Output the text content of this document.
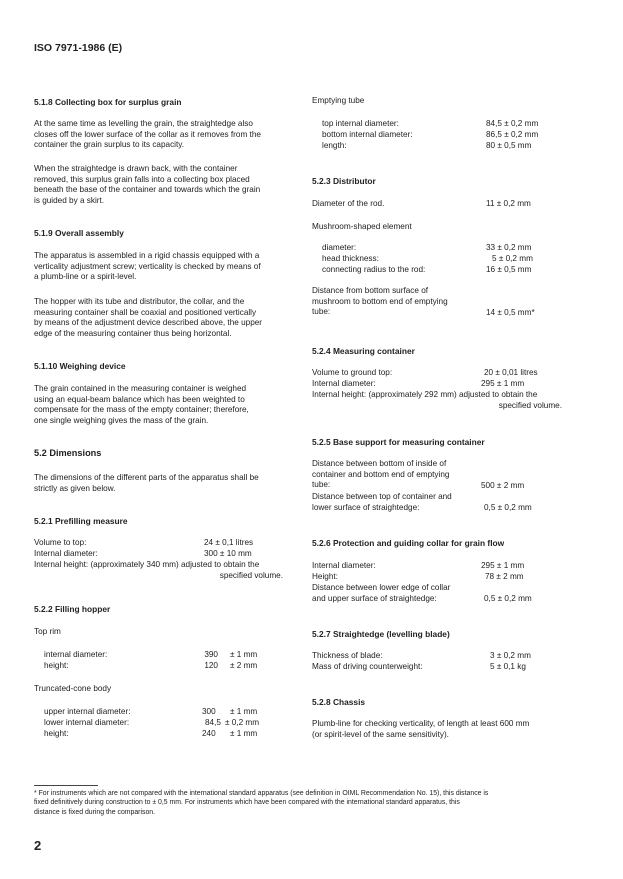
ISO 7971-1986 (E)
5.1.8 Collecting box for surplus grain
At the same time as levelling the grain, the straightedge also
closes off the lower surface of the collar as it removes from the
container the grain surplus to its capacity.
When the straightedge is drawn back, with the container
removed, this surplus grain falls into a collecting box placed
beneath the base of the container and towards which the grain
is guided by a skirt.
5.1.9 Overall assembly
The apparatus is assembled in a rigid chassis equipped with a
verticality adjustment screw; verticality is checked by means of
a plumb-line or a spirit-level.
The hopper with its tube and distributor, the collar, and the
measuring container shall be coaxial and positioned vertically
by means of the adjustment device described above, the upper
edge of the measuring container thus being horizontal.
5.1.10 Weighing device
The grain contained in the measuring container is weighed
using an equal-beam balance which has been weighted to
compensate for the mass of the empty container; therefore,
one single weighing gives the mass of the grain.
5.2 Dimensions
The dimensions of the different parts of the apparatus shall be
strictly as given below.
5.2.1 Prefilling measure
Volume to top:	24 ± 0,1 litres
Internal diameter:	300 ± 10 mm
Internal height: (approximately 340 mm) adjusted to obtain the
specified volume.
5.2.2 Filling hopper
Top rim
internal diameter:	390 ± 1 mm
height:	120 ± 2 mm
Truncated-cone body
upper internal diameter:	300 ± 1 mm
lower internal diameter:	84,5 ± 0,2 mm
height:	240 ± 1 mm
Emptying tube
top internal diameter:	84,5 ± 0,2 mm
bottom internal diameter:	86,5 ± 0,2 mm
length:	80 ± 0,5 mm
5.2.3 Distributor
Diameter of the rod.	11 ± 0,2 mm
Mushroom-shaped element
diameter:	33 ± 0,2 mm
head thickness:	5 ± 0,2 mm
connecting radius to the rod:	16 ± 0,5 mm
Distance from bottom surface of
mushroom to bottom end of emptying
tube:	14 ± 0,5 mm*
5.2.4 Measuring container
Volume to ground top:	20 ± 0,01 litres
Internal diameter:	295 ± 1 mm
Internal height: (approximately 292 mm) adjusted to obtain the
specified volume.
5.2.5 Base support for measuring container
Distance between bottom of inside of
container and bottom end of emptying
tube:	500 ± 2 mm
Distance between top of container and
lower surface of straightedge:	0,5 ± 0,2 mm
5.2.6 Protection and guiding collar for grain flow
Internal diameter:	295 ± 1 mm
Height:	78 ± 2 mm
Distance between lower edge of collar
and upper surface of straightedge:	0,5 ± 0,2 mm
5.2.7 Straightedge (levelling blade)
Thickness of blade:	3 ± 0,2 mm
Mass of driving counterweight:	5 ± 0,1 kg
5.2.8 Chassis
Plumb-line for checking verticality, of length at least 600 mm
(or spirit-level of the same sensitivity).
* For instruments which are not compared with the international standard apparatus (see definition in OIML Recommendation No. 15), this distance is
fixed definitively during construction to ± 0,5 mm. For instruments which have been compared with the international standard apparatus, this
distance is fixed during the comparison.
2
